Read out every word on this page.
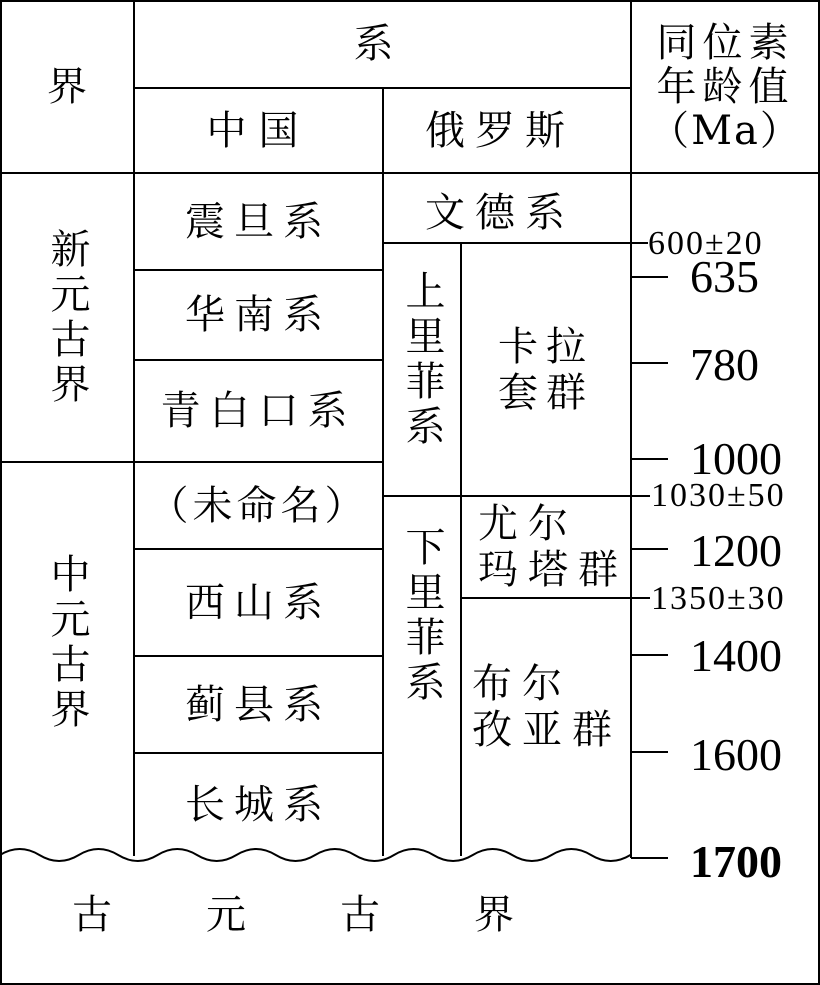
界
系
中国	俄罗斯
同位素
年龄值
（Ma）
新元古界
中元古界
震旦系
华南系
青白口系
（未命名）
西山系
蓟县系
长城系
文德系
上里菲系
下里菲系
卡拉
套群
尤尔
玛塔群
布尔
孜亚群
600±20
635
780
1000
1030±50
1200
1350±30
1400
1600
1700
古元古界
